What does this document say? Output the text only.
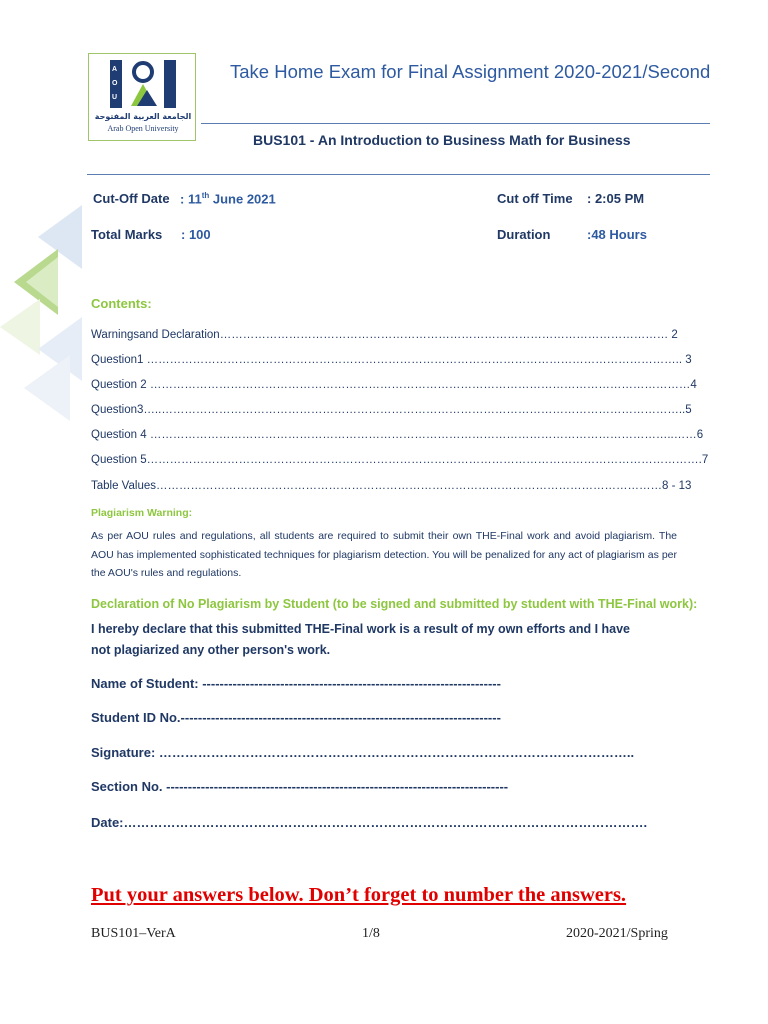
A
O
U
الجامعة العربية المفتوحة
Arab Open University
Take Home Exam for Final Assignment 2020-2021/Second
BUS101 - An Introduction to Business Math for Business
Cut-Off Date : 11th June 2021	Cut off Time : 2:05 PM
Total Marks : 100	Duration	:48 Hours
Contents:
Warningsand Declaration……………………………………………………………………………………………………… 2
Question1 ………………………………………………………………………………………………………………………….. 3
Question 2 ……………………………………………………………………………………………………………………………4
Question3…..………………………………………………………………………………………………………………………..5
Question 4 ………………………………………………………………………………………………………………………..……6
Question 5……………………………………………………………………………………………………………………………….7
Table Values……………………………………………………………………………………………………………………8 - 13
Plagiarism Warning:
As per AOU rules and regulations, all students are required to submit their own THE-Final work and avoid plagiarism. The AOU has implemented sophisticated techniques for plagiarism detection. You will be penalized for any act of plagiarism as per the AOU's rules and regulations.
Declaration of No Plagiarism by Student (to be signed and submitted by student with THE-Final work):
I hereby declare that this submitted THE-Final work is a result of my own efforts and I have not plagiarized any other person's work.
Name of Student: ---------------------------------------------------------------------
Student ID No.--------------------------------------------------------------------------
Signature: ………………………………………………………………………………………………..
Section No. -------------------------------------------------------------------------------
Date:………………………………………………………………………………………………………….
Put your answers below. Don’t forget to number the answers.
BUS101–VerA	1/8	2020-2021/Spring
